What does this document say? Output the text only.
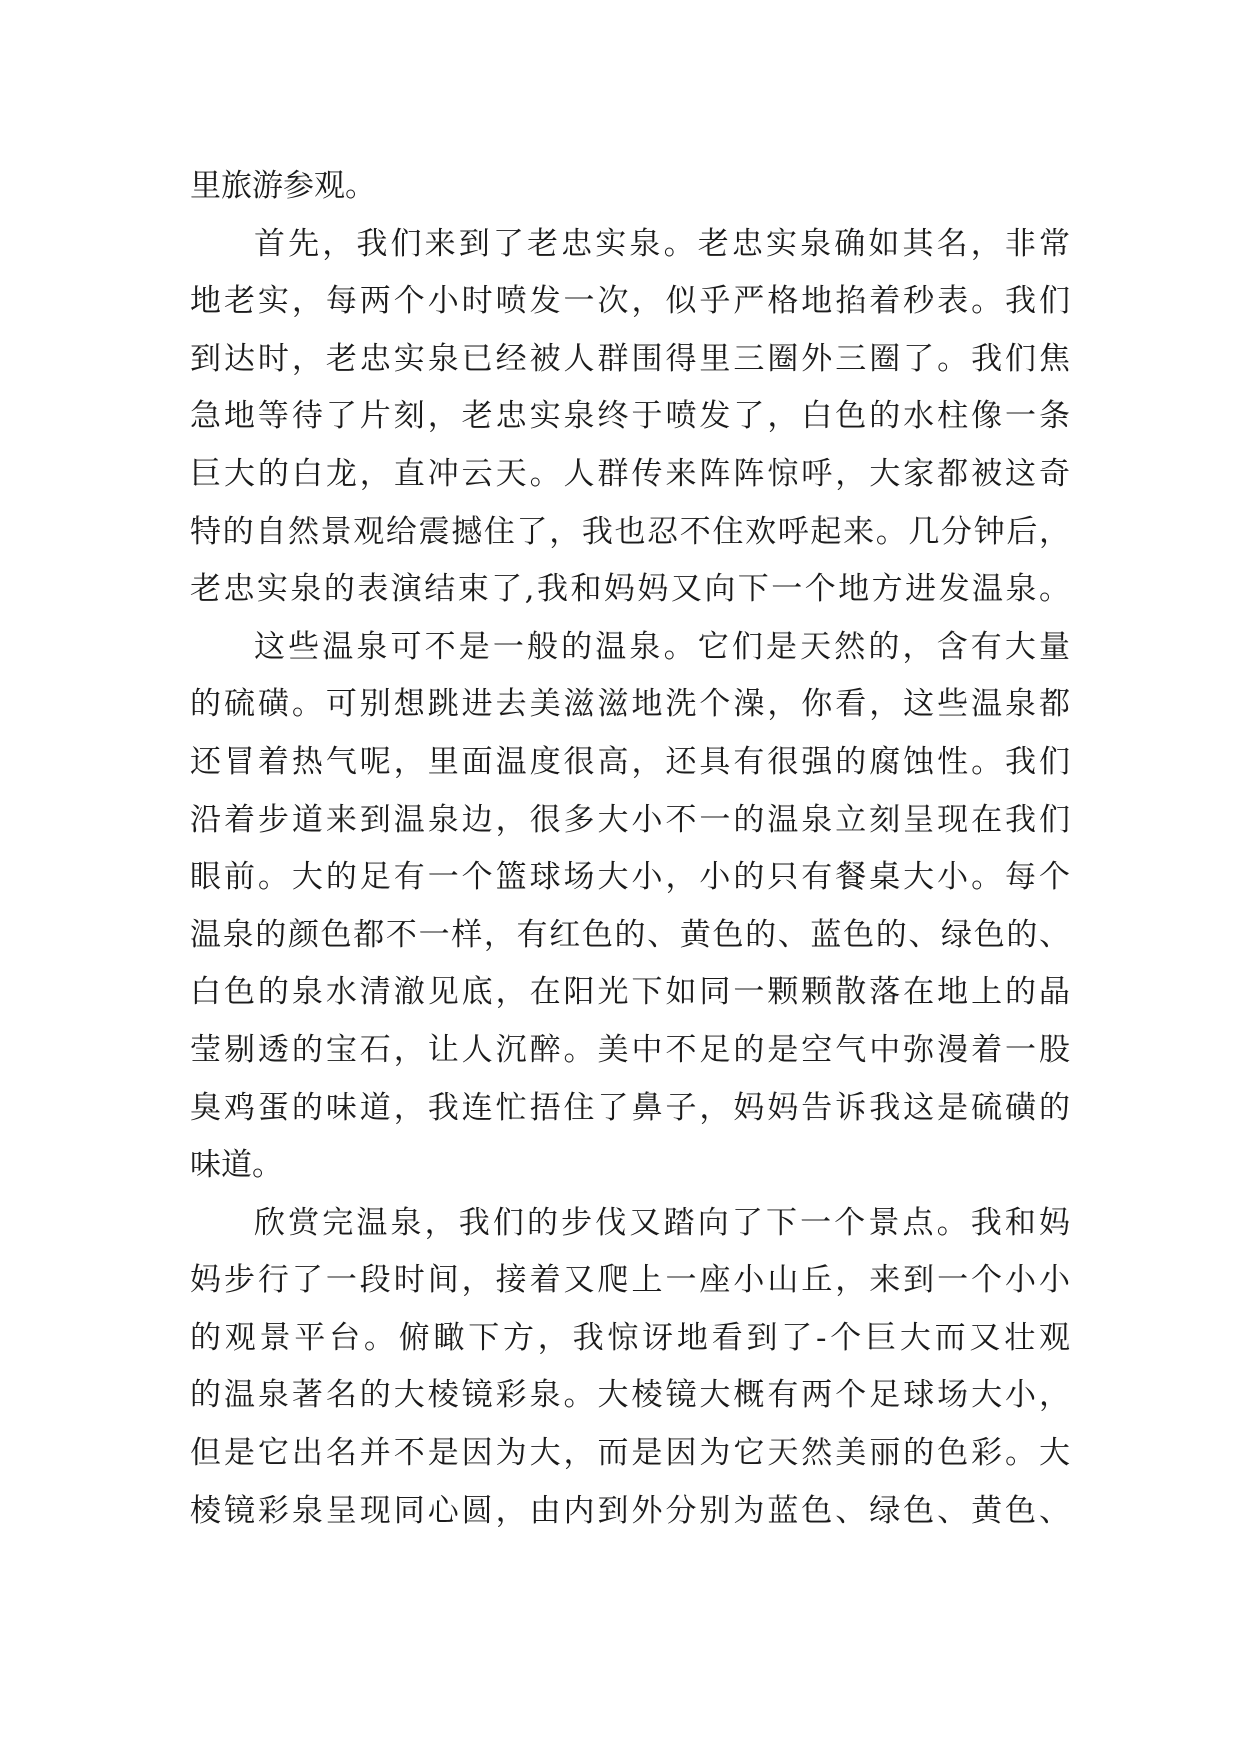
里旅游参观。
首先，我们来到了老忠实泉。老忠实泉确如其名，非常
地老实，每两个小时喷发一次，似乎严格地掐着秒表。我们
到达时，老忠实泉已经被人群围得里三圈外三圈了。我们焦
急地等待了片刻，老忠实泉终于喷发了，白色的水柱像一条
巨大的白龙，直冲云天。人群传来阵阵惊呼，大家都被这奇
特的自然景观给震撼住了，我也忍不住欢呼起来。几分钟后，
老忠实泉的表演结束了,我和妈妈又向下一个地方进发温泉。
这些温泉可不是一般的温泉。它们是天然的，含有大量
的硫磺。可别想跳进去美滋滋地洗个澡，你看，这些温泉都
还冒着热气呢，里面温度很高，还具有很强的腐蚀性。我们
沿着步道来到温泉边，很多大小不一的温泉立刻呈现在我们
眼前。大的足有一个篮球场大小，小的只有餐桌大小。每个
温泉的颜色都不一样，有红色的、黄色的、蓝色的、绿色的、
白色的泉水清澈见底，在阳光下如同一颗颗散落在地上的晶
莹剔透的宝石，让人沉醉。美中不足的是空气中弥漫着一股
臭鸡蛋的味道，我连忙捂住了鼻子，妈妈告诉我这是硫磺的
味道。
欣赏完温泉，我们的步伐又踏向了下一个景点。我和妈
妈步行了一段时间，接着又爬上一座小山丘，来到一个小小
的观景平台。俯瞰下方，我惊讶地看到了-个巨大而又壮观
的温泉著名的大棱镜彩泉。大棱镜大概有两个足球场大小，
但是它出名并不是因为大，而是因为它天然美丽的色彩。大
棱镜彩泉呈现同心圆，由内到外分别为蓝色、绿色、黄色、
